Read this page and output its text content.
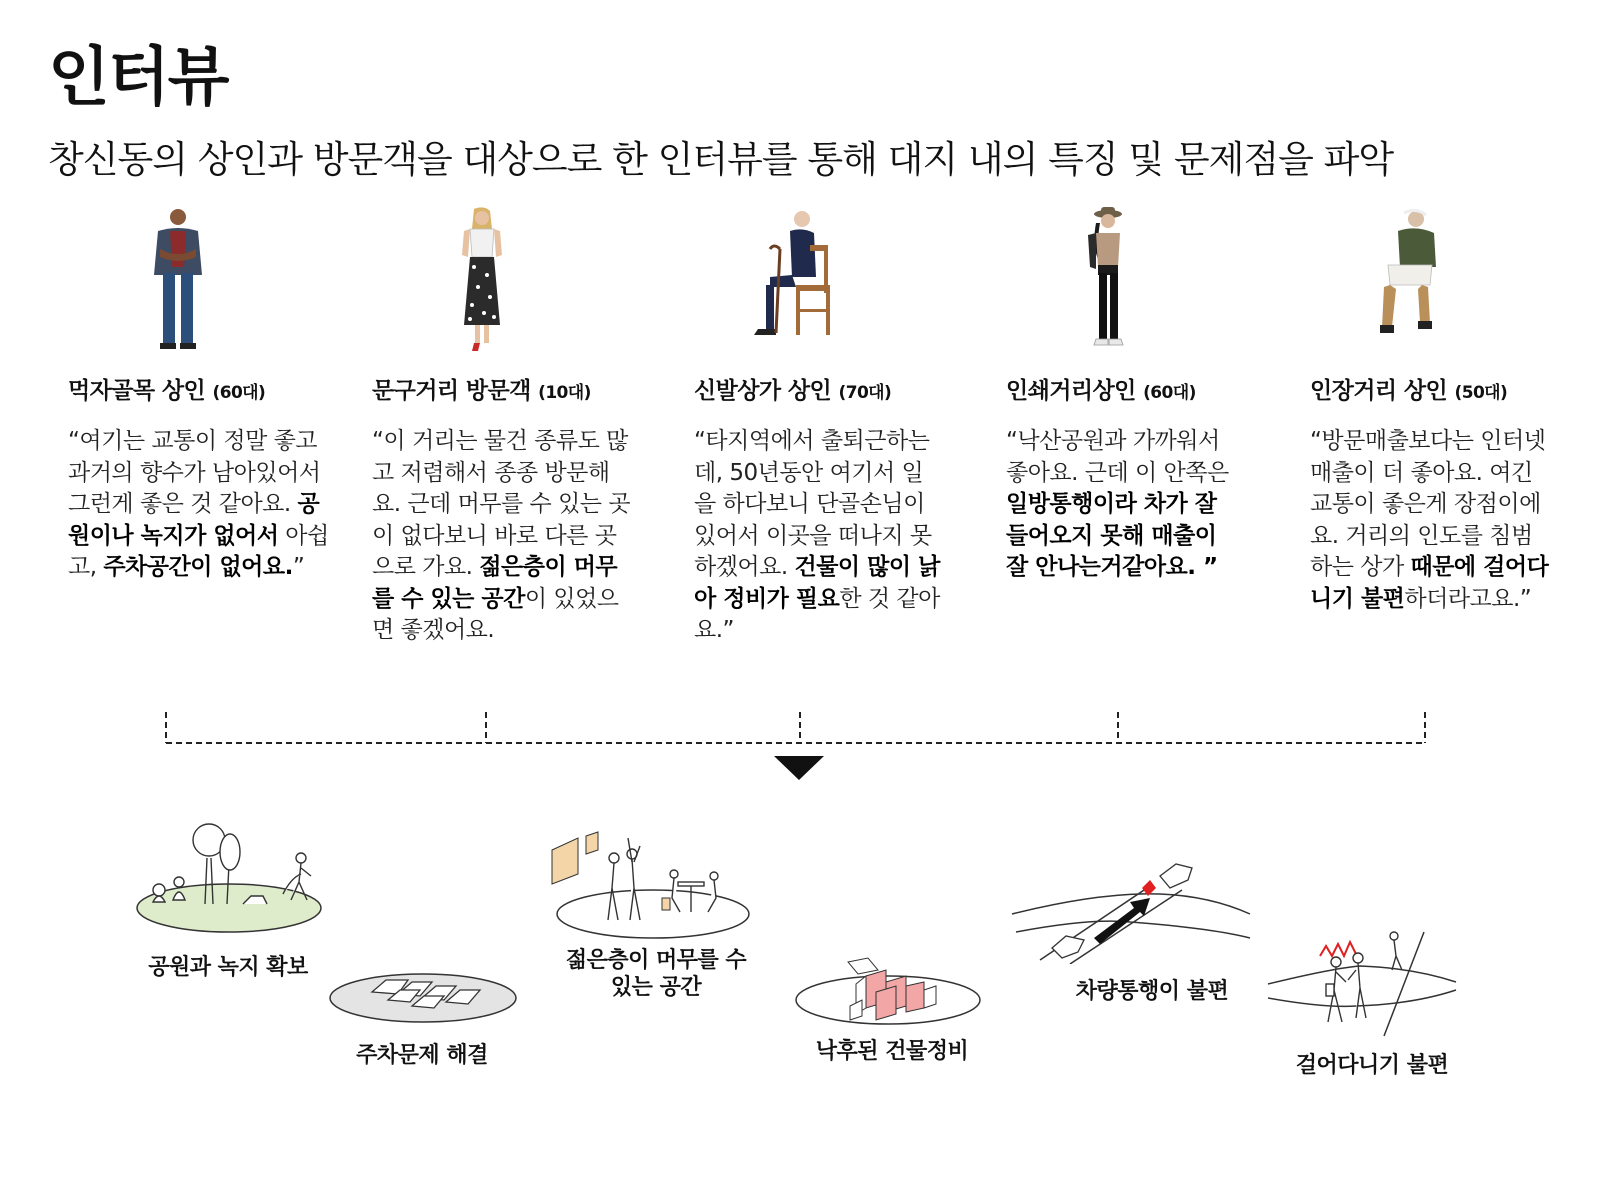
인터뷰

창신동의 상인과 방문객을 대상으로 한 인터뷰를 통해 대지 내의 특징 및 문제점을 파악

먹자골목 상인 (60대)
“여기는 교통이 정말 좋고 과거의 향수가 남아있어서 그런게 좋은 것 같아요. 공원이나 녹지가 없어서 아쉽고, 주차공간이 없어요.”
문구거리 방문객 (10대)
“이 거리는 물건 종류도 많고 저렴해서 종종 방문해요. 근데 머무를 수 있는 곳이 없다보니 바로 다른 곳으로 가요. 젊은층이 머무를 수 있는 공간이 있었으면 좋겠어요.
신발상가 상인 (70대)
“타지역에서 출퇴근하는데, 50년동안 여기서 일을 하다보니 단골손님이 있어서 이곳을 떠나지 못하겠어요. 건물이 많이 낡아 정비가 필요한 것 같아요.”
인쇄거리상인 (60대)
“낙산공원과 가까워서 좋아요. 근데 이 안쪽은 일방통행이라 차가 잘 들어오지 못해 매출이 잘 안나는거같아요. ”
인장거리 상인 (50대)
“방문매출보다는 인터넷 매출이 더 좋아요. 여긴 교통이 좋은게 장점이에요. 거리의 인도를 침범하는 상가 때문에 걸어다니기 불편하더라고요.”
공원과 녹지 확보
주차문제 해결
젊은층이 머무를 수 있는 공간
낙후된 건물정비
차량통행이 불편
걸어다니기 불편
